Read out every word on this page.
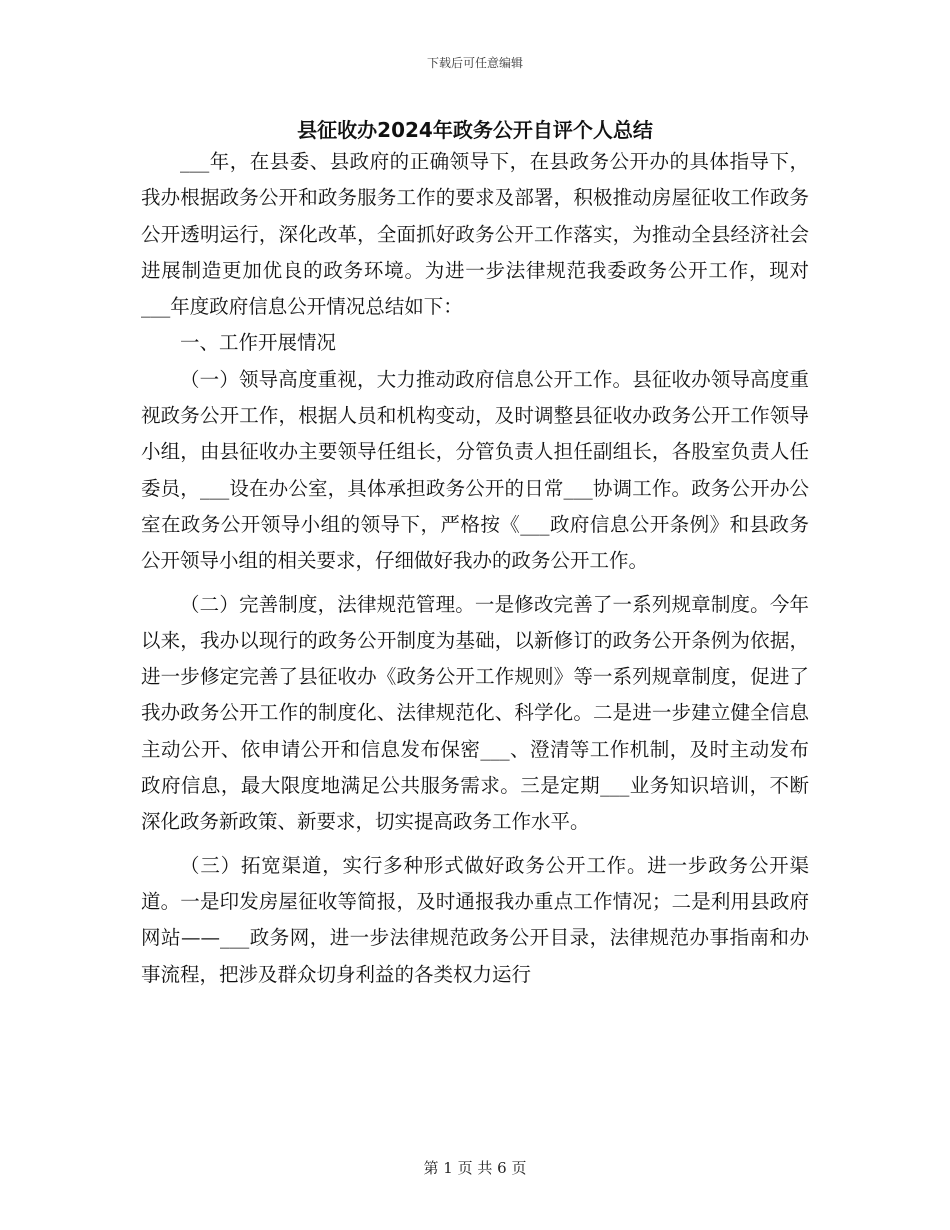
下载后可任意编辑
县征收办2024年政务公开自评个人总结

___年，在县委、县政府的正确领导下，在县政务公开办的具体指导下，我办根据政务公开和政务服务工作的要求及部署，积极推动房屋征收工作政务公开透明运行，深化改革，全面抓好政务公开工作落实，为推动全县经济社会进展制造更加优良的政务环境。为进一步法律规范我委政务公开工作，现对___年度政府信息公开情况总结如下：

一、工作开展情况

（一）领导高度重视，大力推动政府信息公开工作。县征收办领导高度重视政务公开工作，根据人员和机构变动，及时调整县征收办政务公开工作领导小组，由县征收办主要领导任组长，分管负责人担任副组长，各股室负责人任委员，___设在办公室，具体承担政务公开的日常___协调工作。政务公开办公室在政务公开领导小组的领导下，严格按《___政府信息公开条例》和县政务公开领导小组的相关要求，仔细做好我办的政务公开工作。

（二）完善制度，法律规范管理。一是修改完善了一系列规章制度。今年以来，我办以现行的政务公开制度为基础，以新修订的政务公开条例为依据，进一步修定完善了县征收办《政务公开工作规则》等一系列规章制度，促进了我办政务公开工作的制度化、法律规范化、科学化。二是进一步建立健全信息主动公开、依申请公开和信息发布保密___、澄清等工作机制，及时主动发布政府信息，最大限度地满足公共服务需求。三是定期___业务知识培训，不断深化政务新政策、新要求，切实提高政务工作水平。

（三）拓宽渠道，实行多种形式做好政务公开工作。进一步政务公开渠道。一是印发房屋征收等简报，及时通报我办重点工作情况；二是利用县政府网站——___政务网，进一步法律规范政务公开目录，法律规范办事指南和办事流程，把涉及群众切身利益的各类权力运行

第 1 页 共 6 页
